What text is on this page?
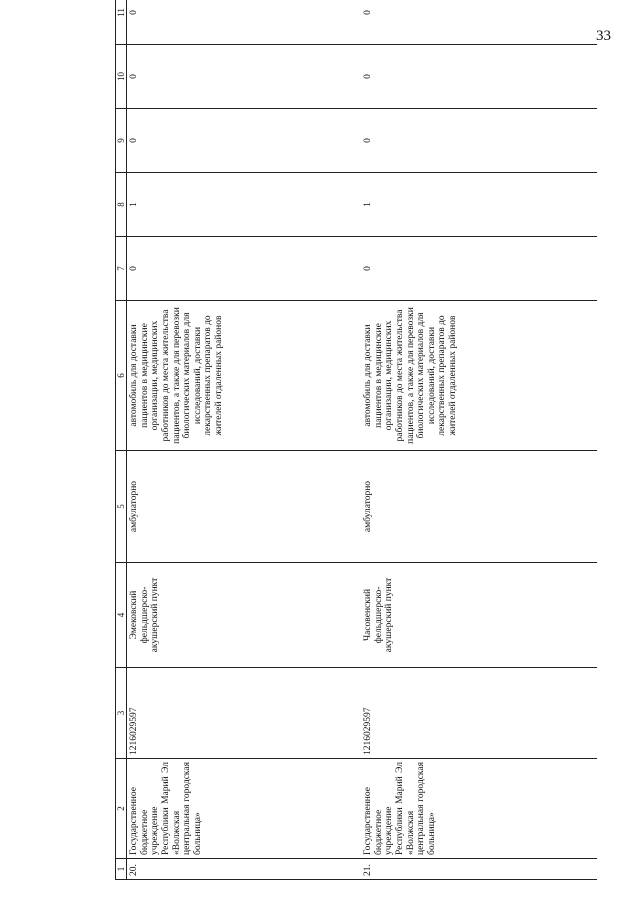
33
1	2	3	4	5	6	7	8	9	10	11
20.	Государственное бюджетное учреждение Республики Марий Эл «Волжская центральная городская больница»	1216029597	Эмековский фельдшерско-акушерский пункт	амбулаторно	автомобиль для доставки пациентов в медицинские организации, медицинских работников до места жительства пациентов, а также для перевозки биологических материалов для исследований, доставки лекарственных препаратов до жителей отдаленных районов	0	1	0	0	0
21.	Государственное бюджетное учреждение Республики Марий Эл «Волжская центральная городская больница»	1216029597	Часовенский фельдшерско-акушерский пункт	амбулаторно	автомобиль для доставки пациентов в медицинские организации, медицинских работников до места жительства пациентов, а также для перевозки биологических материалов для исследований, доставки лекарственных препаратов до жителей отдаленных районов	0	1	0	0	0
